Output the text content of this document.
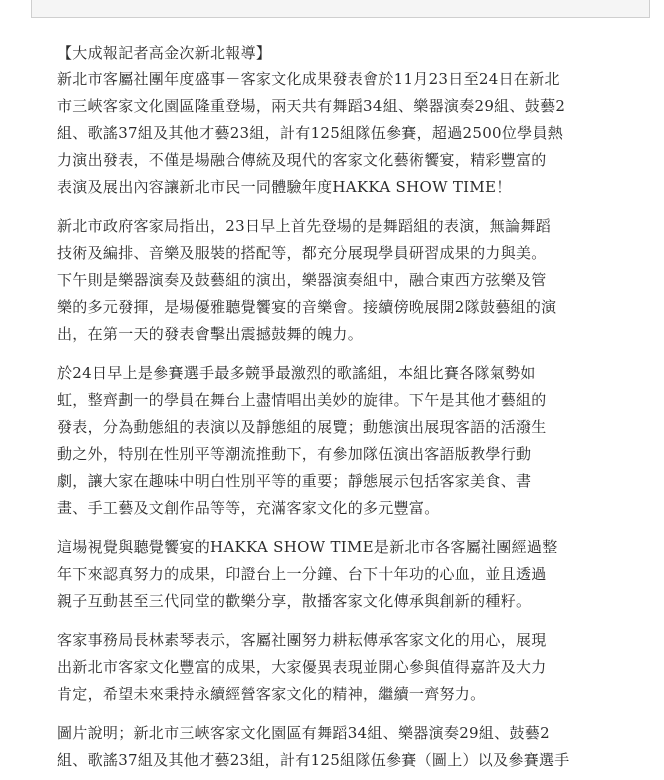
【大成報記者高金次新北報導】
新北市客屬社團年度盛事－客家文化成果發表會於11月23日至24日在新北
市三峽客家文化園區隆重登場，兩天共有舞蹈34組、樂器演奏29組、鼓藝2
組、歌謠37組及其他才藝23組，計有125組隊伍參賽，超過2500位學員熱
力演出發表，不僅是場融合傳統及現代的客家文化藝術饗宴，精彩豐富的
表演及展出內容讓新北市民一同體驗年度HAKKA SHOW TIME！
新北市政府客家局指出，23日早上首先登場的是舞蹈組的表演，無論舞蹈
技術及編排、音樂及服裝的搭配等，都充分展現學員研習成果的力與美。
下午則是樂器演奏及鼓藝組的演出，樂器演奏組中，融合東西方弦樂及管
樂的多元發揮，是場優雅聽覺饗宴的音樂會。接續傍晚展開2隊鼓藝組的演
出，在第一天的發表會擊出震撼鼓舞的魄力。
於24日早上是參賽選手最多競爭最激烈的歌謠組，本組比賽各隊氣勢如
虹，整齊劃一的學員在舞台上盡情唱出美妙的旋律。下午是其他才藝組的
發表，分為動態組的表演以及靜態組的展覽；動態演出展現客語的活潑生
動之外，特別在性別平等潮流推動下，有參加隊伍演出客語版教學行動
劇，讓大家在趣味中明白性別平等的重要；靜態展示包括客家美食、書
畫、手工藝及文創作品等等，充滿客家文化的多元豐富。
這場視覺與聽覺饗宴的HAKKA SHOW TIME是新北市各客屬社團經過整
年下來認真努力的成果，印證台上一分鐘、台下十年功的心血，並且透過
親子互動甚至三代同堂的歡樂分享，散播客家文化傳承與創新的種籽。
客家事務局長林素琴表示，客屬社團努力耕耘傳承客家文化的用心，展現
出新北市客家文化豐富的成果，大家優異表現並開心參與值得嘉許及大力
肯定，希望未來秉持永續經營客家文化的精神，繼續一齊努力。
圖片說明；新北市三峽客家文化園區有舞蹈34組、樂器演奏29組、鼓藝2
組、歌謠37組及其他才藝23組，計有125組隊伍參賽（圖上）以及參賽選手
